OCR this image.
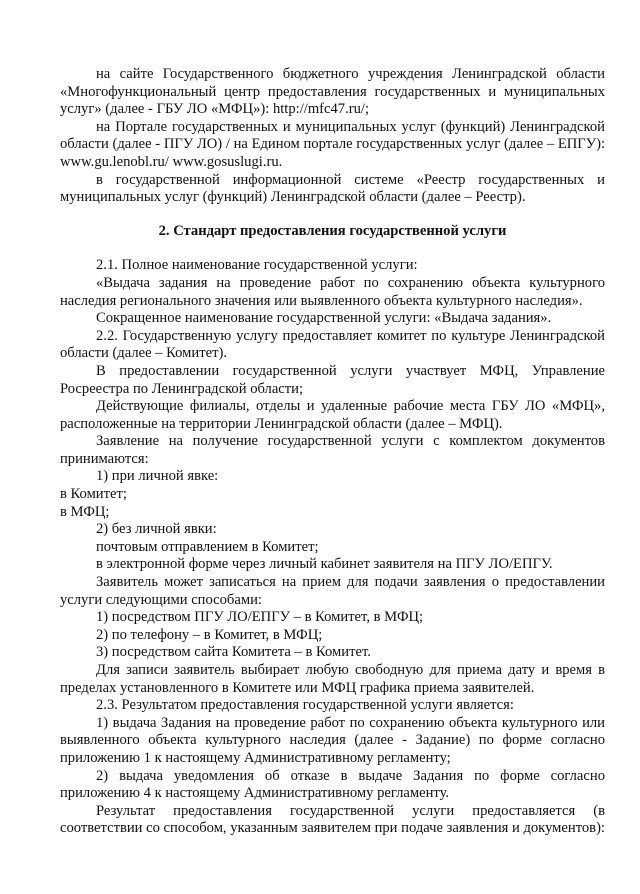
на сайте Государственного бюджетного учреждения Ленинградской области «Многофункциональный центр предоставления государственных и муниципальных услуг» (далее - ГБУ ЛО «МФЦ»): http://mfc47.ru/;

на Портале государственных и муниципальных услуг (функций) Ленинградской области (далее - ПГУ ЛО) / на Едином портале государственных услуг (далее – ЕПГУ): www.gu.lenobl.ru/ www.gosuslugi.ru.

в государственной информационной системе «Реестр государственных и муниципальных услуг (функций) Ленинградской области (далее – Реестр).

2. Стандарт предоставления государственной услуги

2.1. Полное наименование государственной услуги:

«Выдача задания на проведение работ по сохранению объекта культурного наследия регионального значения или выявленного объекта культурного наследия».

Сокращенное наименование государственной услуги: «Выдача задания».

2.2. Государственную услугу предоставляет комитет по культуре Ленинградской области (далее – Комитет).

В предоставлении государственной услуги участвует МФЦ, Управление Росреестра по Ленинградской области;

Действующие филиалы, отделы и удаленные рабочие места ГБУ ЛО «МФЦ», расположенные на территории Ленинградской области (далее – МФЦ).

Заявление на получение государственной услуги с комплектом документов принимаются:

1) при личной явке:

в Комитет;

в МФЦ;

2) без личной явки:

почтовым отправлением в Комитет;

в электронной форме через личный кабинет заявителя на ПГУ ЛО/ЕПГУ.

Заявитель может записаться на прием для подачи заявления о предоставлении услуги следующими способами:

1) посредством ПГУ ЛО/ЕПГУ – в Комитет, в МФЦ;

2) по телефону – в Комитет, в МФЦ;

3) посредством сайта Комитета – в Комитет.

Для записи заявитель выбирает любую свободную для приема дату и время в пределах установленного в Комитете или МФЦ графика приема заявителей.

2.3. Результатом предоставления государственной услуги является:

1) выдача Задания на проведение работ по сохранению объекта культурного или выявленного объекта культурного наследия (далее - Задание) по форме согласно приложению 1 к настоящему Административному регламенту;

2) выдача уведомления об отказе в выдаче Задания по форме согласно приложению 4 к настоящему Административному регламенту.

Результат предоставления государственной услуги предоставляется (в соответствии со способом, указанным заявителем при подаче заявления и документов):
